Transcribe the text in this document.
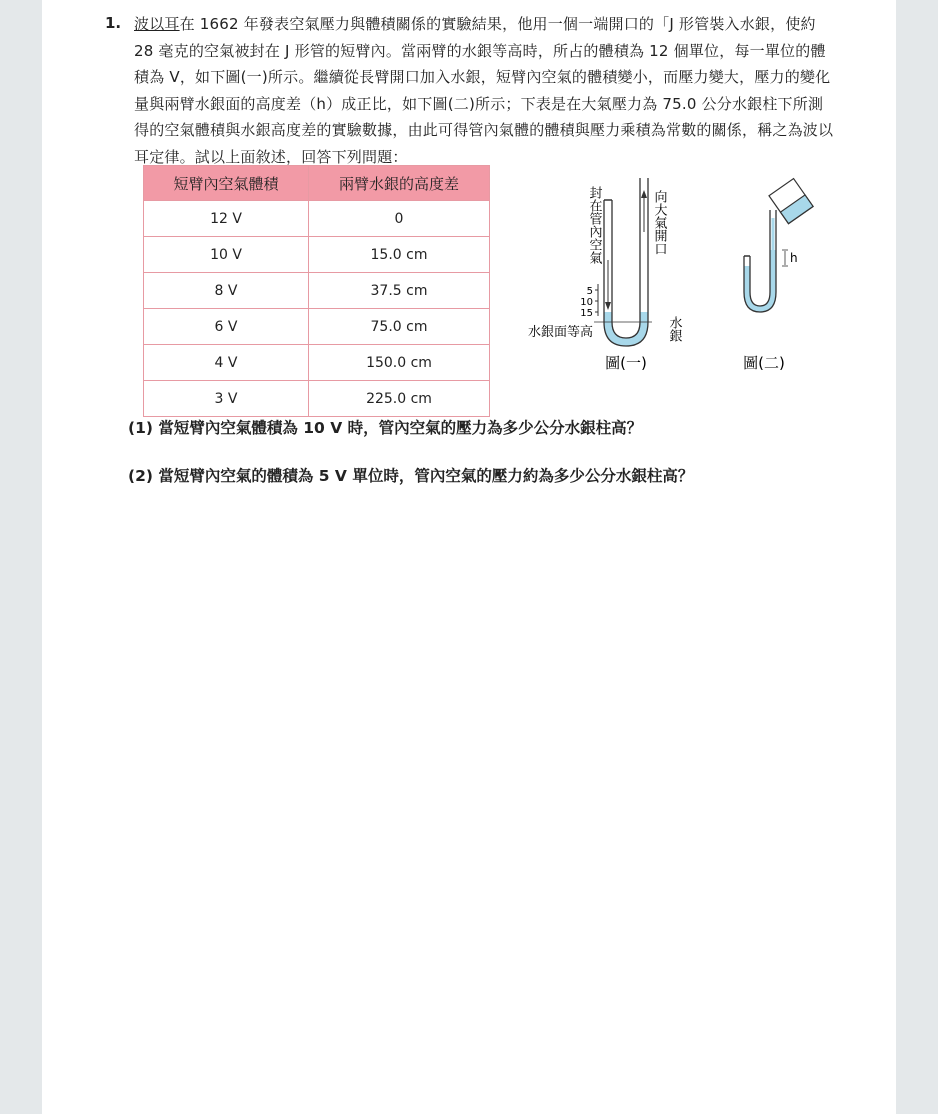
1. 波以耳在 1662 年發表空氣壓力與體積關係的實驗結果，他用一個一端開口的「J 形管裝入水銀，使約 28 毫克的空氣被封在 J 形管的短臂內。當兩臂的水銀等高時，所占的體積為 12 個單位，每一單位的體積為 V，如下圖(一)所示。繼續從長臂開口加入水銀，短臂內空氣的體積變小，而壓力變大，壓力的變化量與兩臂水銀面的高度差（h）成正比，如下圖(二)所示；下表是在大氣壓力為 75.0 公分水銀柱下所測得的空氣體積與水銀高度差的實驗數據，由此可得管內氣體的體積與壓力乘積為常數的關係，稱之為波以耳定律。試以上面敘述，回答下列問題：
短臂內空氣體積	兩臂水銀的高度差
12 V	0
10 V	15.0 cm
8 V	37.5 cm
6 V	75.0 cm
4 V	150.0 cm
3 V	225.0 cm
5
10
15
封在管內空氣	向大氣開口
水銀面等高	水銀
圖(一)
h
圖(二)
(1) 當短臂內空氣體積為 10 V 時，管內空氣的壓力為多少公分水銀柱高？
(2) 當短臂內空氣的體積為 5 V 單位時，管內空氣的壓力約為多少公分水銀柱高？
